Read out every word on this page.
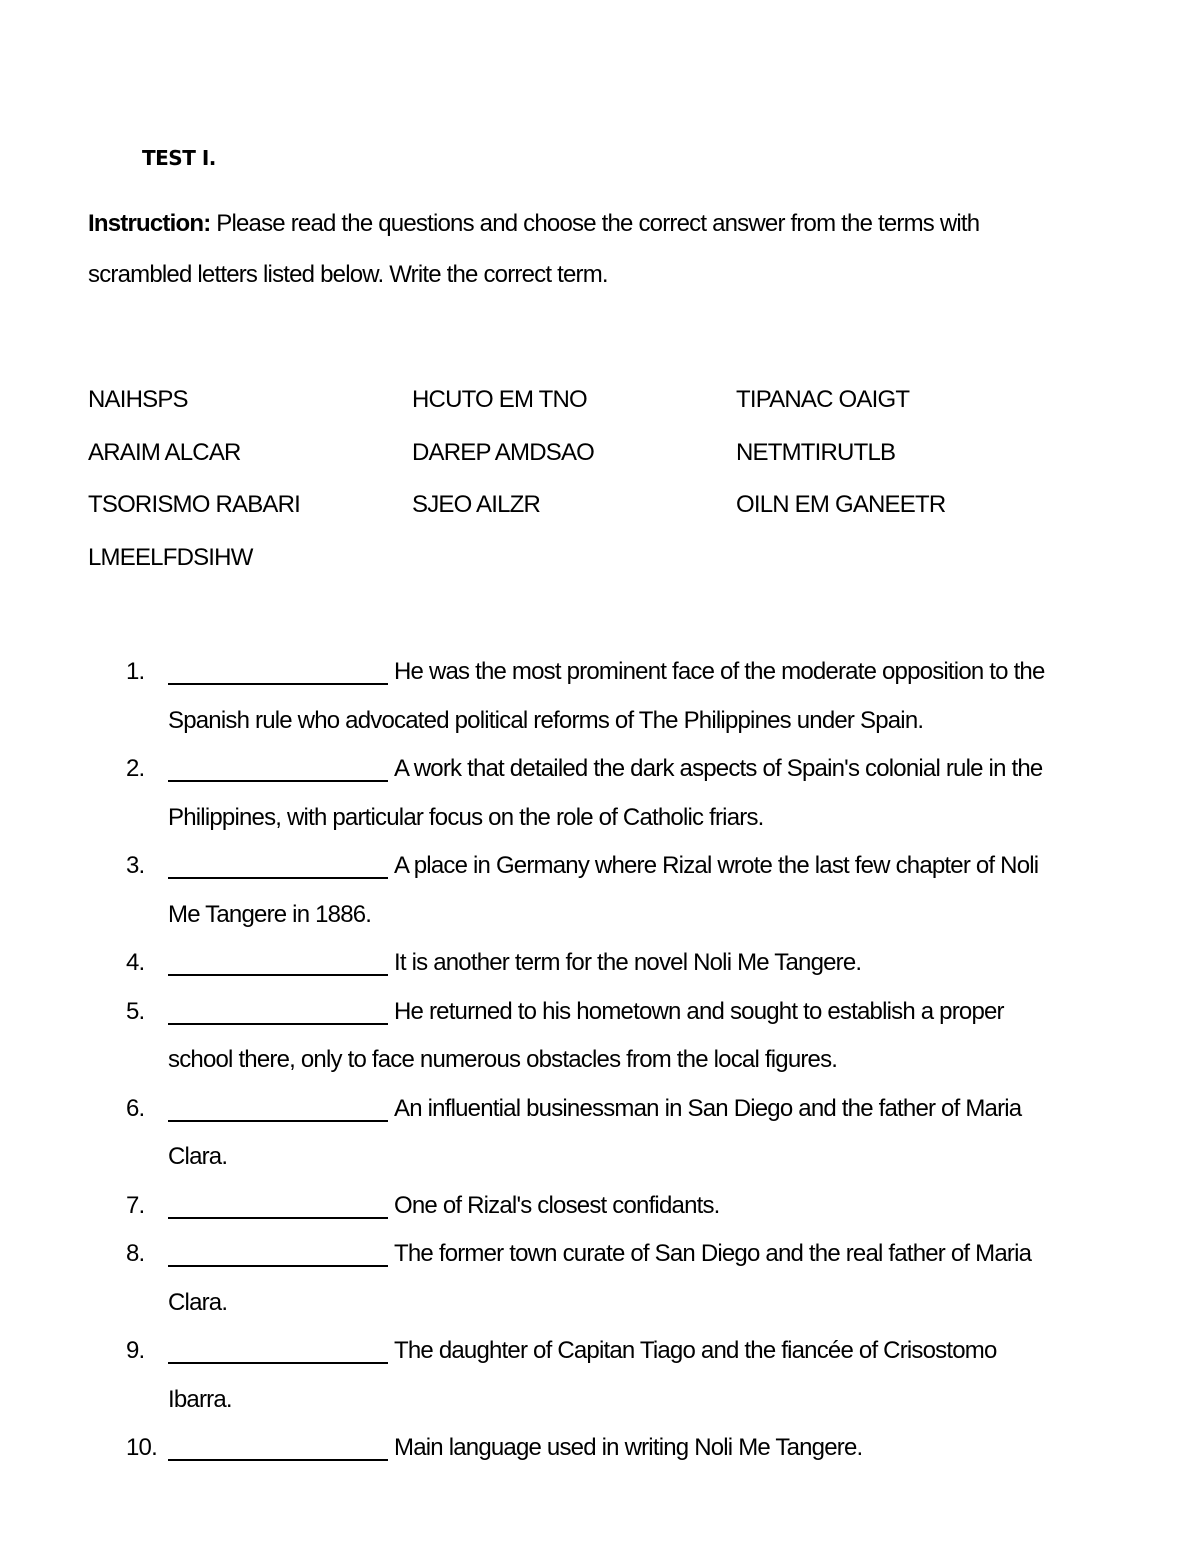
TEST I.
Instruction: Please read the questions and choose the correct answer from the terms with scrambled letters listed below. Write the correct term.
NAIHSPS	HCUTO EM TNO	TIPANAC OAIGT
ARAIM ALCAR	DAREP AMDSAO	NETMTIRUTLB
TSORISMO RABARI	SJEO AILZR	OILN EM GANEETR
LMEELFDSIHW
1.	He was the most prominent face of the moderate opposition to the Spanish rule who advocated political reforms of The Philippines under Spain.
2.	A work that detailed the dark aspects of Spain's colonial rule in the Philippines, with particular focus on the role of Catholic friars.
3.	A place in Germany where Rizal wrote the last few chapter of Noli Me Tangere in 1886.
4.	It is another term for the novel Noli Me Tangere.
5.	He returned to his hometown and sought to establish a proper school there, only to face numerous obstacles from the local figures.
6.	An influential businessman in San Diego and the father of Maria Clara.
7.	One of Rizal's closest confidants.
8.	The former town curate of San Diego and the real father of Maria Clara.
9.	The daughter of Capitan Tiago and the fiancée of Crisostomo Ibarra.
10.	Main language used in writing Noli Me Tangere.
